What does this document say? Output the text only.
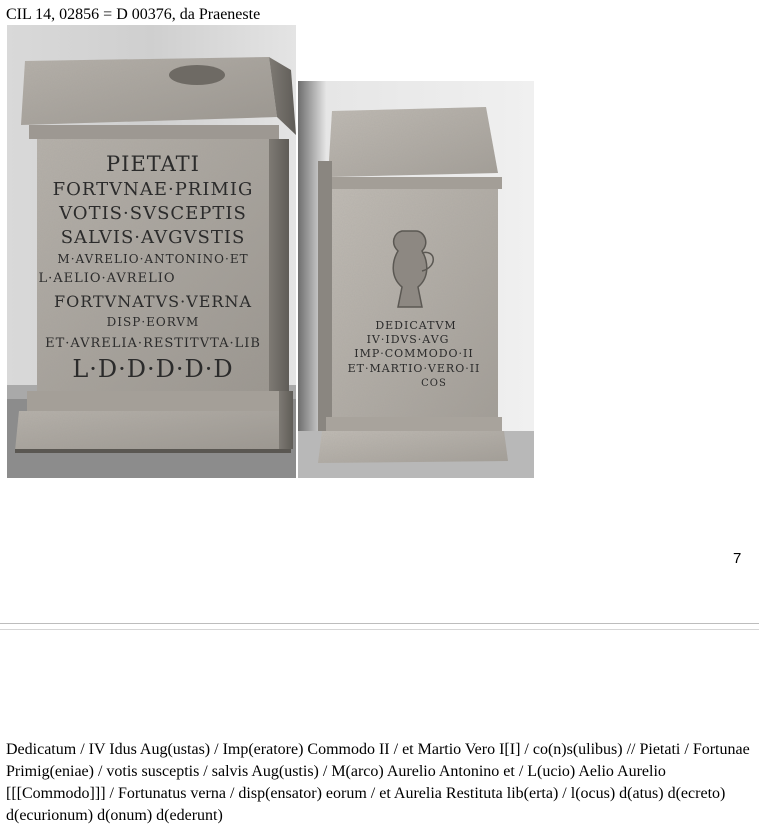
CIL 14, 02856 = D 00376, da Praeneste
PIETATI
FORTVNAE·PRIMIG
VOTIS·SVSCEPTIS
SALVIS·AVGVSTIS
M·AVRELIO·ANTONINO·ET
L·AELIO·AVRELIO
FORTVNATVS·VERNA
DISP·EORVM
ET·AVRELIA·RESTITVTA·LIB
L·D·D·D·D·D
DEDICATVM
IV·IDVS·AVG
IMP·COMMODO·II
ET·MARTIO·VERO·II
COS
7

Dedicatum / IV Idus Aug(ustas) / Imp(eratore) Commodo II / et Martio Vero I[I] / co(n)s(ulibus) // Pietati / Fortunae Primig(eniae) / votis susceptis / salvis Aug(ustis) / M(arco) Aurelio Antonino et / L(ucio) Aelio Aurelio [[[Commodo]]] / Fortunatus verna / disp(ensator) eorum / et Aurelia Restituta lib(erta) / l(ocus) d(atus) d(ecreto) d(ecurionum) d(onum) d(ederunt)
